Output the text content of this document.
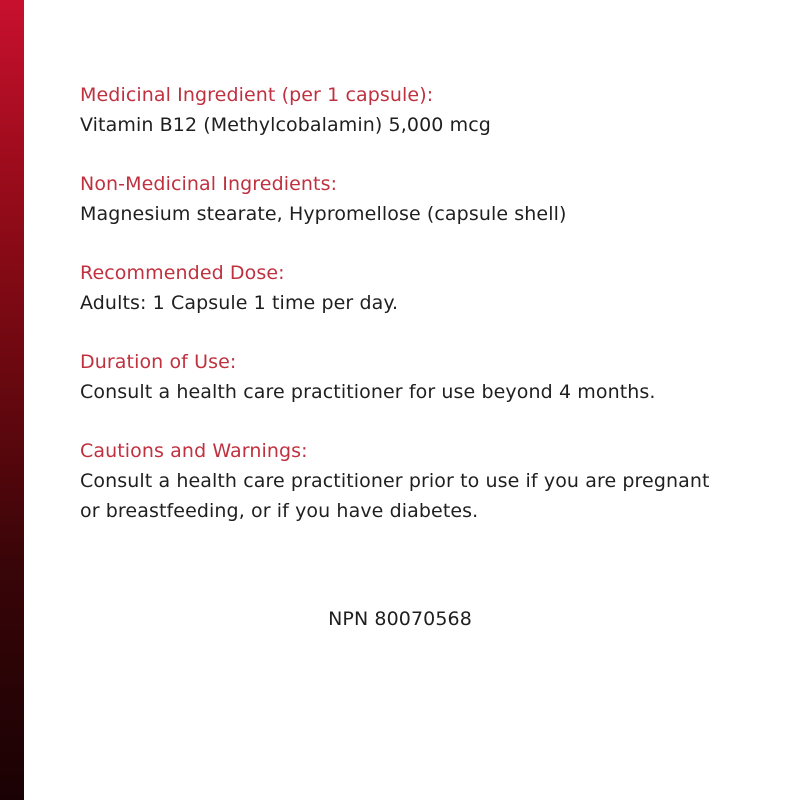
Medicinal Ingredient (per 1 capsule):
Vitamin B12 (Methylcobalamin) 5,000 mcg
Non-Medicinal Ingredients:
Magnesium stearate, Hypromellose (capsule shell)
Recommended Dose:
Adults: 1 Capsule 1 time per day.
Duration of Use:
Consult a health care practitioner for use beyond 4 months.
Cautions and Warnings:
Consult a health care practitioner prior to use if you are pregnant
or breastfeeding, or if you have diabetes.
NPN 80070568
